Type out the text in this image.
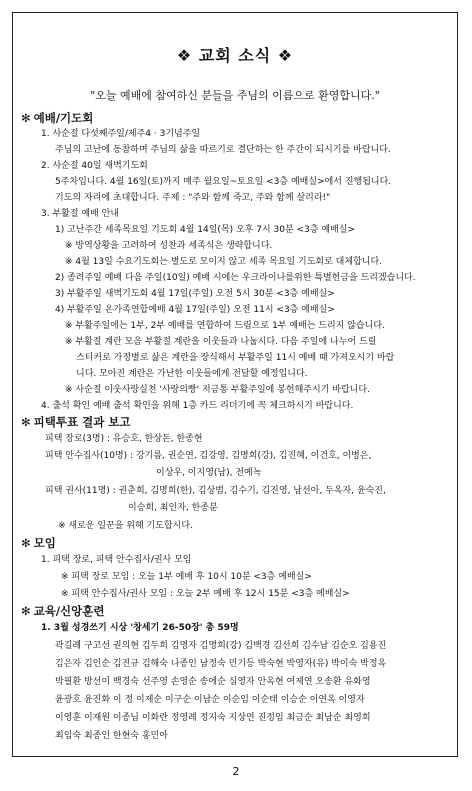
❖ 교회 소식 ❖
"오늘 예배에 참여하신 분들을 주님의 이름으로 환영합니다."
✻ 예배/기도회
1. 사순절 다섯째주일/제주4 · 3기념주일
주님의 고난에 동참하며 주님의 삶을 따르기로 결단하는 한 주간이 되시기를 바랍니다.
2. 사순절 40일 새벽기도회
5주차입니다. 4월 16일(토)까지 매주 월요일~토요일 <3층 예배실>에서 진행됩니다.
기도의 자리에 초대합니다. 주제 : "주와 함께 죽고, 주와 함께 살리라!"
3. 부활절 예배 안내
1) 고난주간 세족목요일 기도회 4월 14일(목) 오후 7시 30분 <3층 예배실>
※ 방역상황을 고려하여 성찬과 세족식은 생략합니다.
※ 4월 13일 수요기도회는 별도로 모이지 않고 세족 목요일 기도회로 대체합니다.
2) 종려주일 예배 다음 주일(10일) 예배 시에는 우크라이나를위한 특별헌금을 드리겠습니다.
3) 부활주일 새벽기도회 4월 17일(주일) 오전 5시 30분 <3층 예배실>
4) 부활주일 온가족연합예배 4월 17일(주일) 오전 11시 <3층 예배실>
※ 부활주일에는 1부, 2부 예배를 연합하여 드림으로 1부 예배는 드리지 않습니다.
※ 부활절 계란 모음 부활절 계란을 이웃들과 나눕시다. 다음 주일에 나누어 드릴
스티커로 가정별로 삶은 계란을 장식해서 부활주일 11시 예배 때 가져오시기 바랍
니다. 모아진 계란은 가난한 이웃들에게 전달할 예정입니다.
※ 사순절 이웃사랑실천 '사랑의빵' 저금통 부활주일에 봉헌해주시기 바랍니다.
4. 출석 확인 예배 출석 확인을 위해 1층 카드 리더기에 꼭 체크하시기 바랍니다.
✻ 피택투표 결과 보고
피택 장로(3명) : 유승호, 한상돈, 한종현
피택 안수집사(10명) : 강기름, 권순연, 김강영, 김명희(강), 김진혜, 이건호, 이병은,
이상우, 이지영(남), 전예녹
피택 권사(11명) : 권춘희, 김명희(한), 김상범, 김수기, 김진영, 남선아, 두옥자, 윤숙진,
이승희, 최인자, 한종분
※ 새로운 일꾼을 위해 기도합시다.
✻ 모임
1. 피택 장로, 피택 안수집사/권사 모임
※ 피택 장로 모임 : 오늘 1부 예배 후 10시 10분 <3층 예배실>
※ 피택 안수집사/권사 모임 : 오늘 2부 예배 후 12시 15분 <3층 예배실>
✻ 교육/신앙훈련
1. 3월 성경쓰기 시상 '창세기 26-50장' 총 59명
곽길례 구고선 권의현 김두희 김명자 김명희(강) 김백경 김선희 김수남 김순오 김용진
김은자 김인순 김진규 김해숙 나종인 남정숙 민기등 박숙현 박영자(유) 박이숙 박정옥
박필환 방선이 백경숙 선주영 손영순 송에순 심영자 안옥현 여제연 오송환 유화영
윤광호 윤진화 이 정 이제순 이구순 이남순 이순임 이순태 이승순 이연옥 이영자
이영훈 이재원 이종님 이화란 정영례 정지숙 지상연 진정임 최금순 최남순 최영희
최임숙 최종인 한현숙 홍민아
2
